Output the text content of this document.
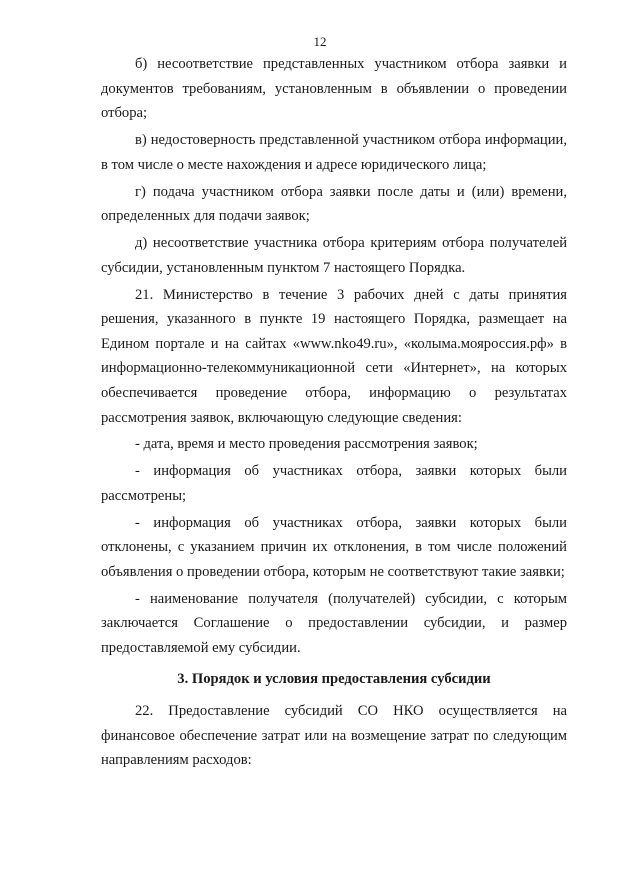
12

б) несоответствие представленных участником отбора заявки и документов требованиям, установленным в объявлении о проведении отбора;

в) недостоверность представленной участником отбора информации, в том числе о месте нахождения и адресе юридического лица;

г) подача участником отбора заявки после даты и (или) времени, определенных для подачи заявок;

д) несоответствие участника отбора критериям отбора получателей субсидии, установленным пунктом 7 настоящего Порядка.

21. Министерство в течение 3 рабочих дней с даты принятия решения, указанного в пункте 19 настоящего Порядка, размещает на Едином портале и на сайтах «www.nko49.ru», «колыма.мояроссия.рф» в информационно-телекоммуникационной сети «Интернет», на которых обеспечивается проведение отбора, информацию о результатах рассмотрения заявок, включающую следующие сведения:

- дата, время и место проведения рассмотрения заявок;

- информация об участниках отбора, заявки которых были рассмотрены;

- информация об участниках отбора, заявки которых были отклонены, с указанием причин их отклонения, в том числе положений объявления о проведении отбора, которым не соответствуют такие заявки;

- наименование получателя (получателей) субсидии, с которым заключается Соглашение о предоставлении субсидии, и размер предоставляемой ему субсидии.

3. Порядок и условия предоставления субсидии

22. Предоставление субсидий СО НКО осуществляется на финансовое обеспечение затрат или на возмещение затрат по следующим направлениям расходов:
